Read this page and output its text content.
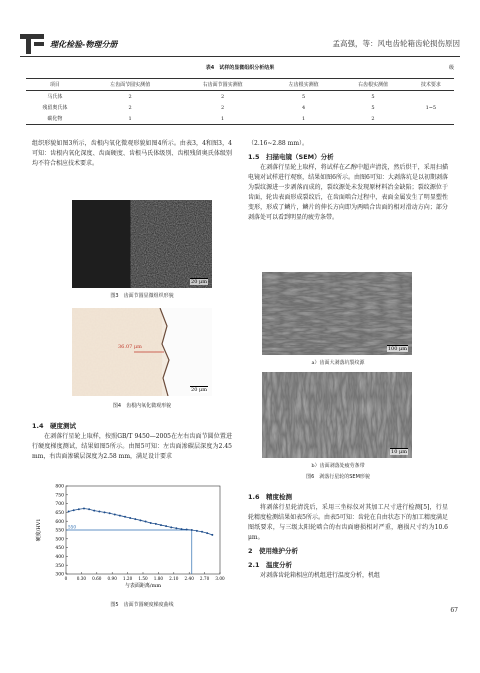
理化检验-物理分册	孟高强，等：风电齿轮箱齿轮损伤原因
表4　试样的显微组织分析结果	级
项目	左齿面节圆实测值	右齿面节圆实测值	左齿根实测值	右齿根实测值	技术要求
马氏体	2	2	5	5	
残留奥氏体	2	2	4	5	1~5
碳化物	1	1	1	2	

组织形貌如图3所示，齿根内氧化微观形貌如图4所示。由表3，4和图3，4可知：齿根内氧化深度、齿面硬度、齿根马氏体级别、齿根残留奥氏体级别均不符合相应技术要求。

20 μm
图3　齿面节圆显微组织形貌
36.07 μm
20 μm
图4　齿根内氧化微观形貌
1.4　硬度测试

在剥落行星轮上取样，按照GB/T 9450—2005在左右齿面节圆位置进行硬度梯度测试，结果如图5所示。由图5可知：左齿面渗碳层深度为2.45 mm，右齿面渗碳层深度为2.58 mm，满足设计要求

300
350
400
450
500
550
600
650
700
750
800
0 0.30 0.60 0.90 1.20 1.50 1.80 2.10 2.40 2.70 3.00
与表面距离/mm
硬度/HV1	550
图5　齿面节圆硬度梯度曲线

（2.16~2.88 mm）。

1.5　扫描电镜（SEM）分析

在剥落行星轮上取样，将试样在乙醇中超声清洗，然后烘干，采用扫描电镜对试样进行观察，结果如图6所示。由图6可知：大剥落坑是以初期剥落为裂纹源进一步剥落而成的，裂纹源处未发现原材料冶金缺陷；裂纹源位于齿面，轮齿表面形成裂纹后，在齿面啮合过程中，表面金属发生了明显塑性变形，形成了鳞片，鳞片的伸长方向即为两啮合齿面的相对滑动方向；部分剥落处可以看到明显的疲劳条带。

100 μm
a）齿面大剥落坑裂纹源
10 μm
b）齿面剥落处疲劳条带
图6　剥落行星轮的SEM形貌
1.6　精度检测

将剥落行星轮清洗后，采用三坐标仪对其加工尺寸进行检测[5]，行星轮精度检测结果如表5所示。由表5可知：齿轮在自由状态下的加工精度满足图纸要求，与三级太阳轮啮合的右齿面磨损相对严重，磨损尺寸约为10.6 μm。

2　使用维护分析
2.1　温度分析

对剥落齿轮箱相应的机组进行温度分析，机组

67
